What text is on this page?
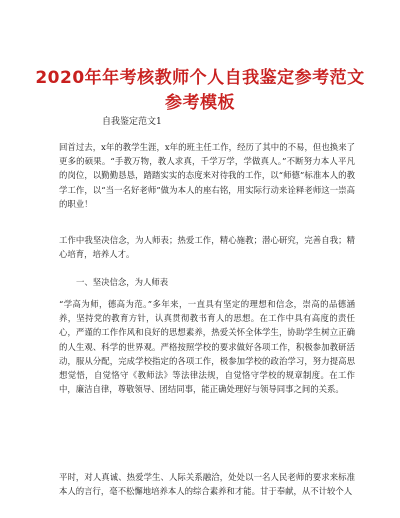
2020年年考核教师个人自我鉴定参考范文
参考模板
自我鉴定范文1

回首过去，x年的教学生涯，x年的班主任工作，经历了其中的不易，但也换来了更多的硕果。“手教万物，教人求真，千学万学，学做真人。”不断努力本人平凡的岗位，以勤勤恳恳，踏踏实实的态度来对待我的工作，以“师德”标准本人的教学工作，以“当一名好老师”做为本人的座右铭，用实际行动来诠释老师这一崇高的职业！

工作中我坚决信念，为人师表；热爱工作，精心施教；潜心研究，完善自我；精心培育，培养人才。

一、坚决信念，为人师表

“学高为师，德高为范。”多年来，一直具有坚定的理想和信念，崇高的品德涵养，坚持党的教育方针，认真贯彻教书育人的思想。在工作中具有高度的责任心，严谨的工作作风和良好的思想素养，热爱关怀全体学生，协助学生树立正确的人生观、科学的世界观。严格按照学校的要求做好各项工作，积极参加教研活动，服从分配，完成学校指定的各项工作，极参加学校的政治学习，努力提高思想觉悟，自觉恪守《教师法》等法律法规，自觉恪守学校的规章制度。在工作中，廉洁自律，尊敬领导、团结同事，能正确处理好与领导同事之间的关系。

平时，对人真诚、热爱学生、人际关系融洽，处处以一名人民老师的要求来标准本人的言行，毫不松懈地培养本人的综合素养和才能。甘于奉献，从不计较个人
